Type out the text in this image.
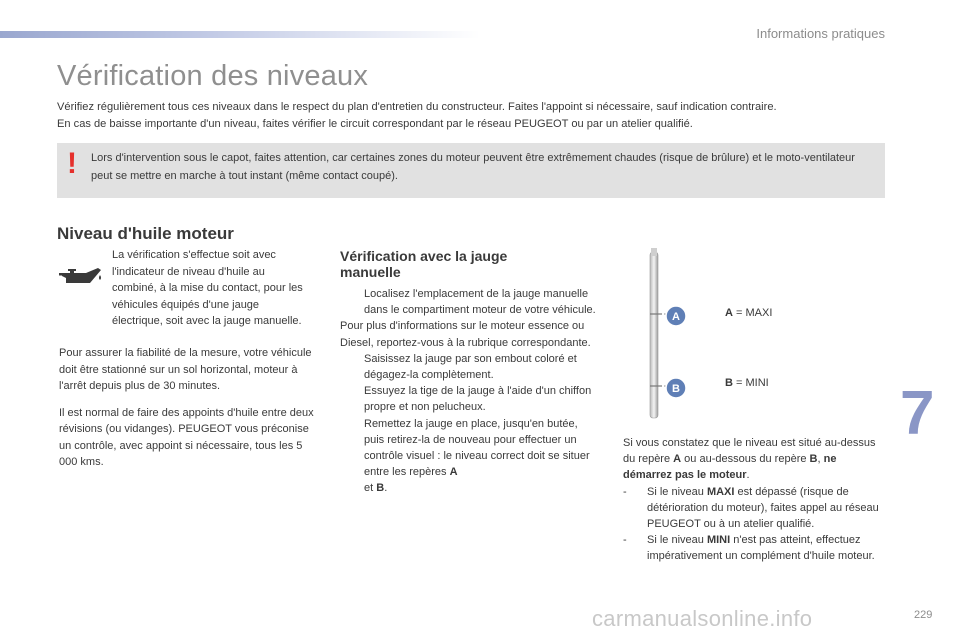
Informations pratiques
Vérification des niveaux

Vérifiez régulièrement tous ces niveaux dans le respect du plan d'entretien du constructeur. Faites l'appoint si nécessaire, sauf indication contraire.

En cas de baisse importante d'un niveau, faites vérifier le circuit correspondant par le réseau PEUGEOT ou par un atelier qualifié.

! Lors d'intervention sous le capot, faites attention, car certaines zones du moteur peuvent être extrêmement chaudes (risque de brûlure) et le moto-ventilateur peut se mettre en marche à tout instant (même contact coupé).
Niveau d'huile moteur
La vérification s'effectue soit avec l'indicateur de niveau d'huile au combiné, à la mise du contact, pour les véhicules équipés d'une jauge électrique, soit avec la jauge manuelle.

Pour assurer la fiabilité de la mesure, votre véhicule doit être stationné sur un sol horizontal, moteur à l'arrêt depuis plus de 30 minutes.

Il est normal de faire des appoints d'huile entre deux révisions (ou vidanges). PEUGEOT vous préconise un contrôle, avec appoint si nécessaire, tous les 5 000 kms.

Vérification avec la jauge manuelle
Localisez l'emplacement de la jauge manuelle dans le compartiment moteur de votre véhicule.

Pour plus d'informations sur le moteur essence ou Diesel, reportez-vous à la rubrique correspondante.

Saisissez la jauge par son embout coloré et dégagez-la complètement.
Essuyez la tige de la jauge à l'aide d'un chiffon propre et non pelucheux.
Remettez la jauge en place, jusqu'en butée, puis retirez-la de nouveau pour effectuer un contrôle visuel : le niveau correct doit se situer entre les repères A
et B.
A
B
A = MAXI
B = MINI

Si vous constatez que le niveau est situé au-dessus du repère A ou au-dessous du repère B, ne démarrez pas le moteur.

- Si le niveau MAXI est dépassé (risque de détérioration du moteur), faites appel au réseau PEUGEOT ou à un atelier qualifié.
- Si le niveau MINI n'est pas atteint, effectuez impérativement un complément d'huile moteur.
7
carmanualsonline.info	229
